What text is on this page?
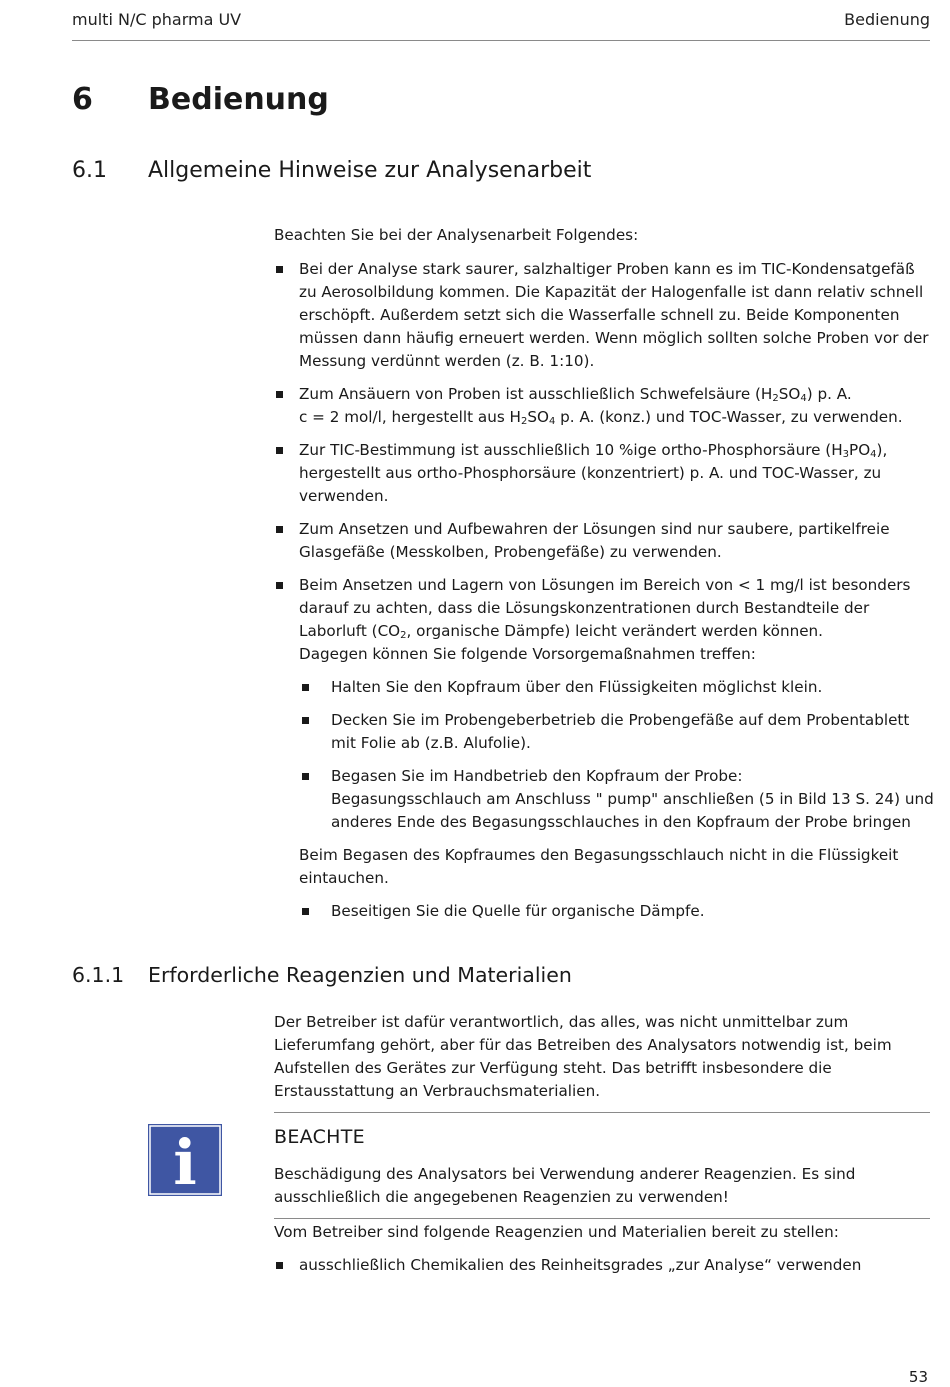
multi N/C pharma UV	Bedienung
6 Bedienung
6.1 Allgemeine Hinweise zur Analysenarbeit

Beachten Sie bei der Analysenarbeit Folgendes:

Bei der Analyse stark saurer, salzhaltiger Proben kann es im TIC-Kondensatgefäß zu Aerosolbildung kommen. Die Kapazität der Halogenfalle ist dann relativ schnell erschöpft. Außerdem setzt sich die Wasserfalle schnell zu. Beide Komponenten müssen dann häufig erneuert werden. Wenn möglich sollten solche Proben vor der Messung verdünnt werden (z. B. 1:10).
Zum Ansäuern von Proben ist ausschließlich Schwefelsäure $(H_2SO_4)$ p. A.
c = 2 mol/l, hergestellt aus $H_2SO_4$ p. A. (konz.) und TOC-Wasser, zu verwenden.
Zur TIC-Bestimmung ist ausschließlich 10 %ige ortho-Phosphorsäure $(H_3PO_4)$, hergestellt aus ortho-Phosphorsäure (konzentriert) p. A. und TOC-Wasser, zu verwenden.
Zum Ansetzen und Aufbewahren der Lösungen sind nur saubere, partikelfreie Glasgefäße (Messkolben, Probengefäße) zu verwenden.
Beim Ansetzen und Lagern von Lösungen im Bereich von < 1 mg/l ist besonders darauf zu achten, dass die Lösungskonzentrationen durch Bestandteile der Laborluft ($CO_2$, organische Dämpfe) leicht verändert werden können.
Dagegen können Sie folgende Vorsorgemaßnahmen treffen:
Halten Sie den Kopfraum über den Flüssigkeiten möglichst klein.
Decken Sie im Probengeberbetrieb die Probengefäße auf dem Probentablett mit Folie ab (z.B. Alufolie).
Begasen Sie im Handbetrieb den Kopfraum der Probe:
Begasungsschlauch am Anschluss " pump" anschließen (5 in Bild 13 S. 24) und anderes Ende des Begasungsschlauches in den Kopfraum der Probe bringen

Beim Begasen des Kopfraumes den Begasungsschlauch nicht in die Flüssigkeit eintauchen.

Beseitigen Sie die Quelle für organische Dämpfe.
6.1.1 Erforderliche Reagenzien und Materialien

Der Betreiber ist dafür verantwortlich, das alles, was nicht unmittelbar zum Lieferumfang gehört, aber für das Betreiben des Analysators notwendig ist, beim Aufstellen des Gerätes zur Verfügung steht. Das betrifft insbesondere die Erstausstattung an Verbrauchsmaterialien.

i	BEACHTE

Beschädigung des Analysators bei Verwendung anderer Reagenzien. Es sind ausschließlich die angegebenen Reagenzien zu verwenden!

Vom Betreiber sind folgende Reagenzien und Materialien bereit zu stellen:

ausschließlich Chemikalien des Reinheitsgrades „zur Analyse“ verwenden
53
